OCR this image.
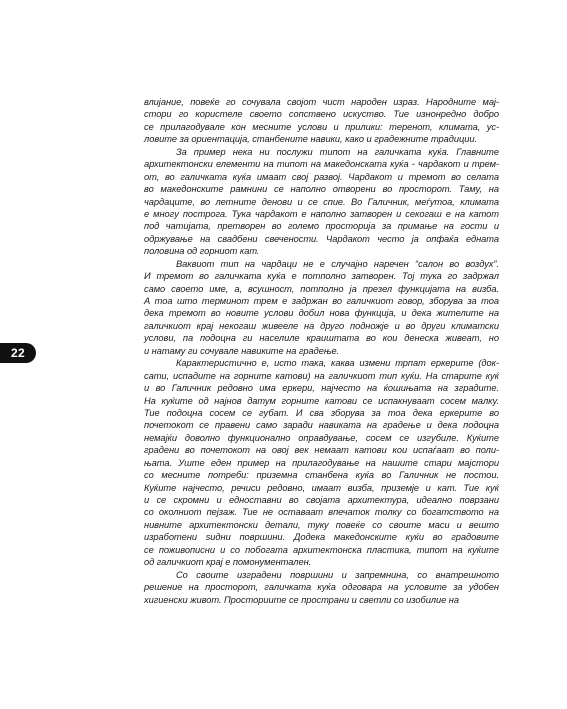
22
влијание, повеќе го сочувала својот чист народен израз. Народните мај-
стори го користеле своето сопствено искуство. Тие изнонредно добро
се прилагодувале кон месните услови и прилики: теренот, климата, ус-
ловите за ориентација, станбените навики, како и градежните традиции.
За пример нека ни послужи типот на галичката куќа. Главните
архитектонски елементи на типот на македонската куќа - чардакот и трем-
от, во галичката куќа имаат свој развој. Чардакот и тремот во селата
во македонските рамнини се наполно отворени во просторот. Таму, на
чардаците, во летните денови и се спие. Во Галичник, меѓутоа, климата
е многу построга. Тука чардакот е наполно затворен и секогаш е на катот
под чатијата, претворен во големо просторија за примање на гости и
одржување на свадбени свечености. Чардакот често ја опфаќа едната
половина од горниот кат.
Ваквиот тип на чардаци не е случајно наречен “салон во воздух”.
И тремот во галичката куќа е потполно затворен. Тој тука го задржал
само своето име, а, всушност, потполно ја презел функцијата на визба.
А тоа што терминот трем е задржан во галичкиот говор, зборува за тоа
дека тремот во новите услови добил нова функција, и дека жителите на
галичкиот крај некогаш живееле на друго подножје и во други климатски
услови, па подоцна ги населиле краиштата во кои денеска живеат, но
и натаму ги сочувале навиките на градење.
Карактеристично е, исто така, каква измени трпат еркерите (док-
сати, испадите на горните катови) на галичкиот тип куќи. На старите куќ
и во Галичник редовно има еркери, најчесто на ќошињата на зградите.
На куќите од најнов датум горните катови се испакнуваат сосем малку.
Тие подоцна сосем се губат. И сва зборува за тоа дека еркерите во
почетокот се правени само заради навиката на градење и дека подоцна
немајќи доволно функционално оправдување, сосем се изгубиле. Куќите
градени во почетокот на овој век немаат катови кои испаѓаат во поли-
њата. Уште еден пример на прилагодување на нашите стари мајстори
со месните потреби: приземна станбена куќа во Галичник не постои.
Куќите најчесто, речиси редовно, имаат визба, приземје и кат. Тие куќ
и се скромни и едноставни во својата архитектура, идеално поврзани
со околниот пејзаж. Тие не оставаат впечаток толку со богатството на
нивните архитектонски детали, туку повеќе со своите маси и вешто
изработени ѕидни површини. Додека македонските куќи во градовите
се поживописни и со побогата архитектонска пластика, типот на куќите
од галичкиот крај е помонументален.
Со своите изградени површини и запремнина, со внатрешното
решение на просторот, галичката куќа одговара на условите за удобен
хигиенски живот. Просториите се пространи и светли со изобилие на
